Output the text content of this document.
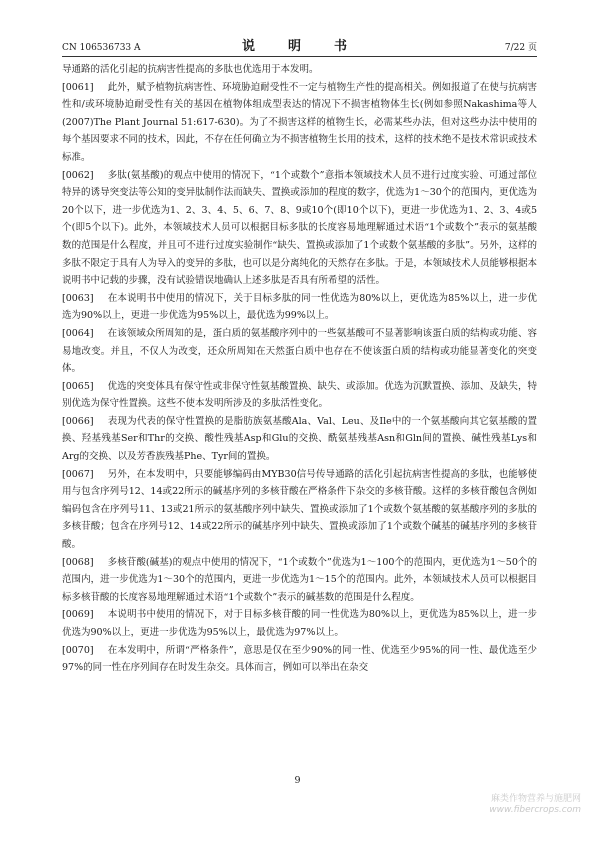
CN 106536733 A	说　明　书	7/22 页

导通路的活化引起的抗病害性提高的多肽也优选用于本发明。

[0061] 此外，赋予植物抗病害性、环境胁迫耐受性不一定与植物生产性的提高相关。例如报道了在使与抗病害性和/或环境胁迫耐受性有关的基因在植物体组成型表达的情况下不损害植物体生长(例如参照Nakashima等人(2007)The Plant Journal 51:617-630)。为了不损害这样的植物生长，必需某些办法，但对这些办法中使用的每个基因要求不同的技术，因此，不存在任何确立为不损害植物生长用的技术，这样的技术绝不是技术常识或技术标准。

[0062] 多肽(氨基酸)的观点中使用的情况下，“1个或数个”意指本领域技术人员不进行过度实验、可通过部位特异的诱导突变法等公知的变异肽制作法而缺失、置换或添加的程度的数字，优选为1～30个的范围内，更优选为20个以下，进一步优选为1、2、3、4、5、6、7、8、9或10个(即10个以下)，更进一步优选为1、2、3、4或5个(即5个以下)。此外，本领域技术人员可以根据目标多肽的长度容易地理解通过术语“1个或数个”表示的氨基酸数的范围是什么程度，并且可不进行过度实验制作“缺失、置换或添加了1个或数个氨基酸的多肽”。另外，这样的多肽不限定于具有人为导入的变异的多肽，也可以是分离纯化的天然存在多肽。于是，本领域技术人员能够根据本说明书中记载的步骤，没有试验错误地确认上述多肽是否具有所希望的活性。

[0063] 在本说明书中使用的情况下，关于目标多肽的同一性优选为80%以上，更优选为85%以上，进一步优选为90%以上，更进一步优选为95%以上，最优选为99%以上。

[0064] 在该领域众所周知的是，蛋白质的氨基酸序列中的一些氨基酸可不显著影响该蛋白质的结构或功能、容易地改变。并且，不仅人为改变，还众所周知在天然蛋白质中也存在不使该蛋白质的结构或功能显著变化的突变体。

[0065] 优选的突变体具有保守性或非保守性氨基酸置换、缺失、或添加。优选为沉默置换、添加、及缺失，特别优选为保守性置换。这些不使本发明所涉及的多肽活性变化。

[0066] 表现为代表的保守性置换的是脂肪族氨基酸Ala、Val、Leu、及Ile中的一个氨基酸向其它氨基酸的置换、羟基残基Ser和Thr的交换、酸性残基Asp和Glu的交换、酰氨基残基Asn和Gln间的置换、碱性残基Lys和Arg的交换、以及芳香族残基Phe、Tyr间的置换。

[0067] 另外，在本发明中，只要能够编码由MYB30信号传导通路的活化引起抗病害性提高的多肽，也能够使用与包含序列号12、14或22所示的碱基序列的多核苷酸在严格条件下杂交的多核苷酸。这样的多核苷酸包含例如编码包含在序列号11、13或21所示的氨基酸序列中缺失、置换或添加了1个或数个氨基酸的氨基酸序列的多肽的多核苷酸；包含在序列号12、14或22所示的碱基序列中缺失、置换或添加了1个或数个碱基的碱基序列的多核苷酸。

[0068] 多核苷酸(碱基)的观点中使用的情况下，“1个或数个”优选为1～100个的范围内，更优选为1～50个的范围内，进一步优选为1～30个的范围内，更进一步优选为1～15个的范围内。此外，本领域技术人员可以根据目标多核苷酸的长度容易地理解通过术语“1个或数个”表示的碱基数的范围是什么程度。

[0069] 本说明书中使用的情况下，对于目标多核苷酸的同一性优选为80%以上，更优选为85%以上，进一步优选为90%以上，更进一步优选为95%以上，最优选为97%以上。

[0070] 在本发明中，所谓“严格条件”，意思是仅在至少90%的同一性、优选至少95%的同一性、最优选至少97%的同一性在序列间存在时发生杂交。具体而言，例如可以举出在杂交

9
麻类作物营养与施肥网
www.fibercrops.com
